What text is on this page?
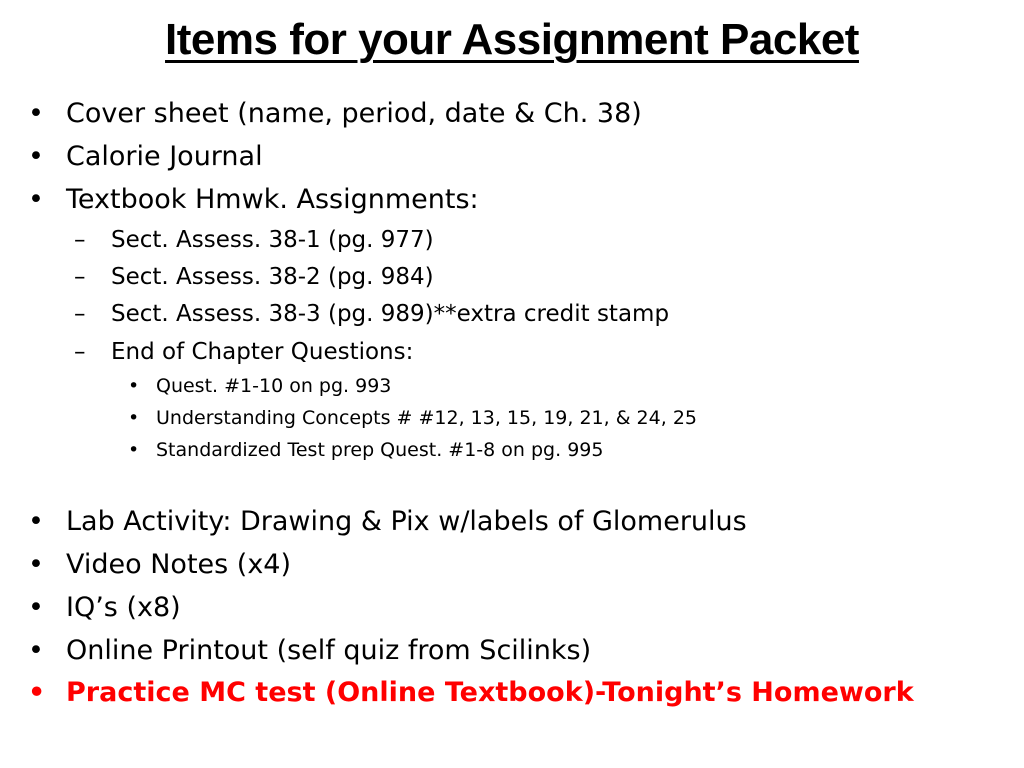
Items for your Assignment Packet
• Cover sheet (name, period, date & Ch. 38)
• Calorie Journal
• Textbook Hmwk. Assignments:
–	Sect. Assess. 38-1 (pg. 977)
–	Sect. Assess. 38-2 (pg. 984)
–	Sect. Assess. 38-3 (pg. 989)**extra credit stamp
–	End of Chapter Questions:
• Quest. #1-10 on pg. 993
• Understanding Concepts # #12, 13, 15, 19, 21, & 24, 25
• Standardized Test prep Quest. #1-8 on pg. 995
• Lab Activity: Drawing & Pix w/labels of Glomerulus
• Video Notes (x4)
• IQ’s (x8)
• Online Printout (self quiz from Scilinks)
• Practice MC test (Online Textbook)-Tonight’s Homework
